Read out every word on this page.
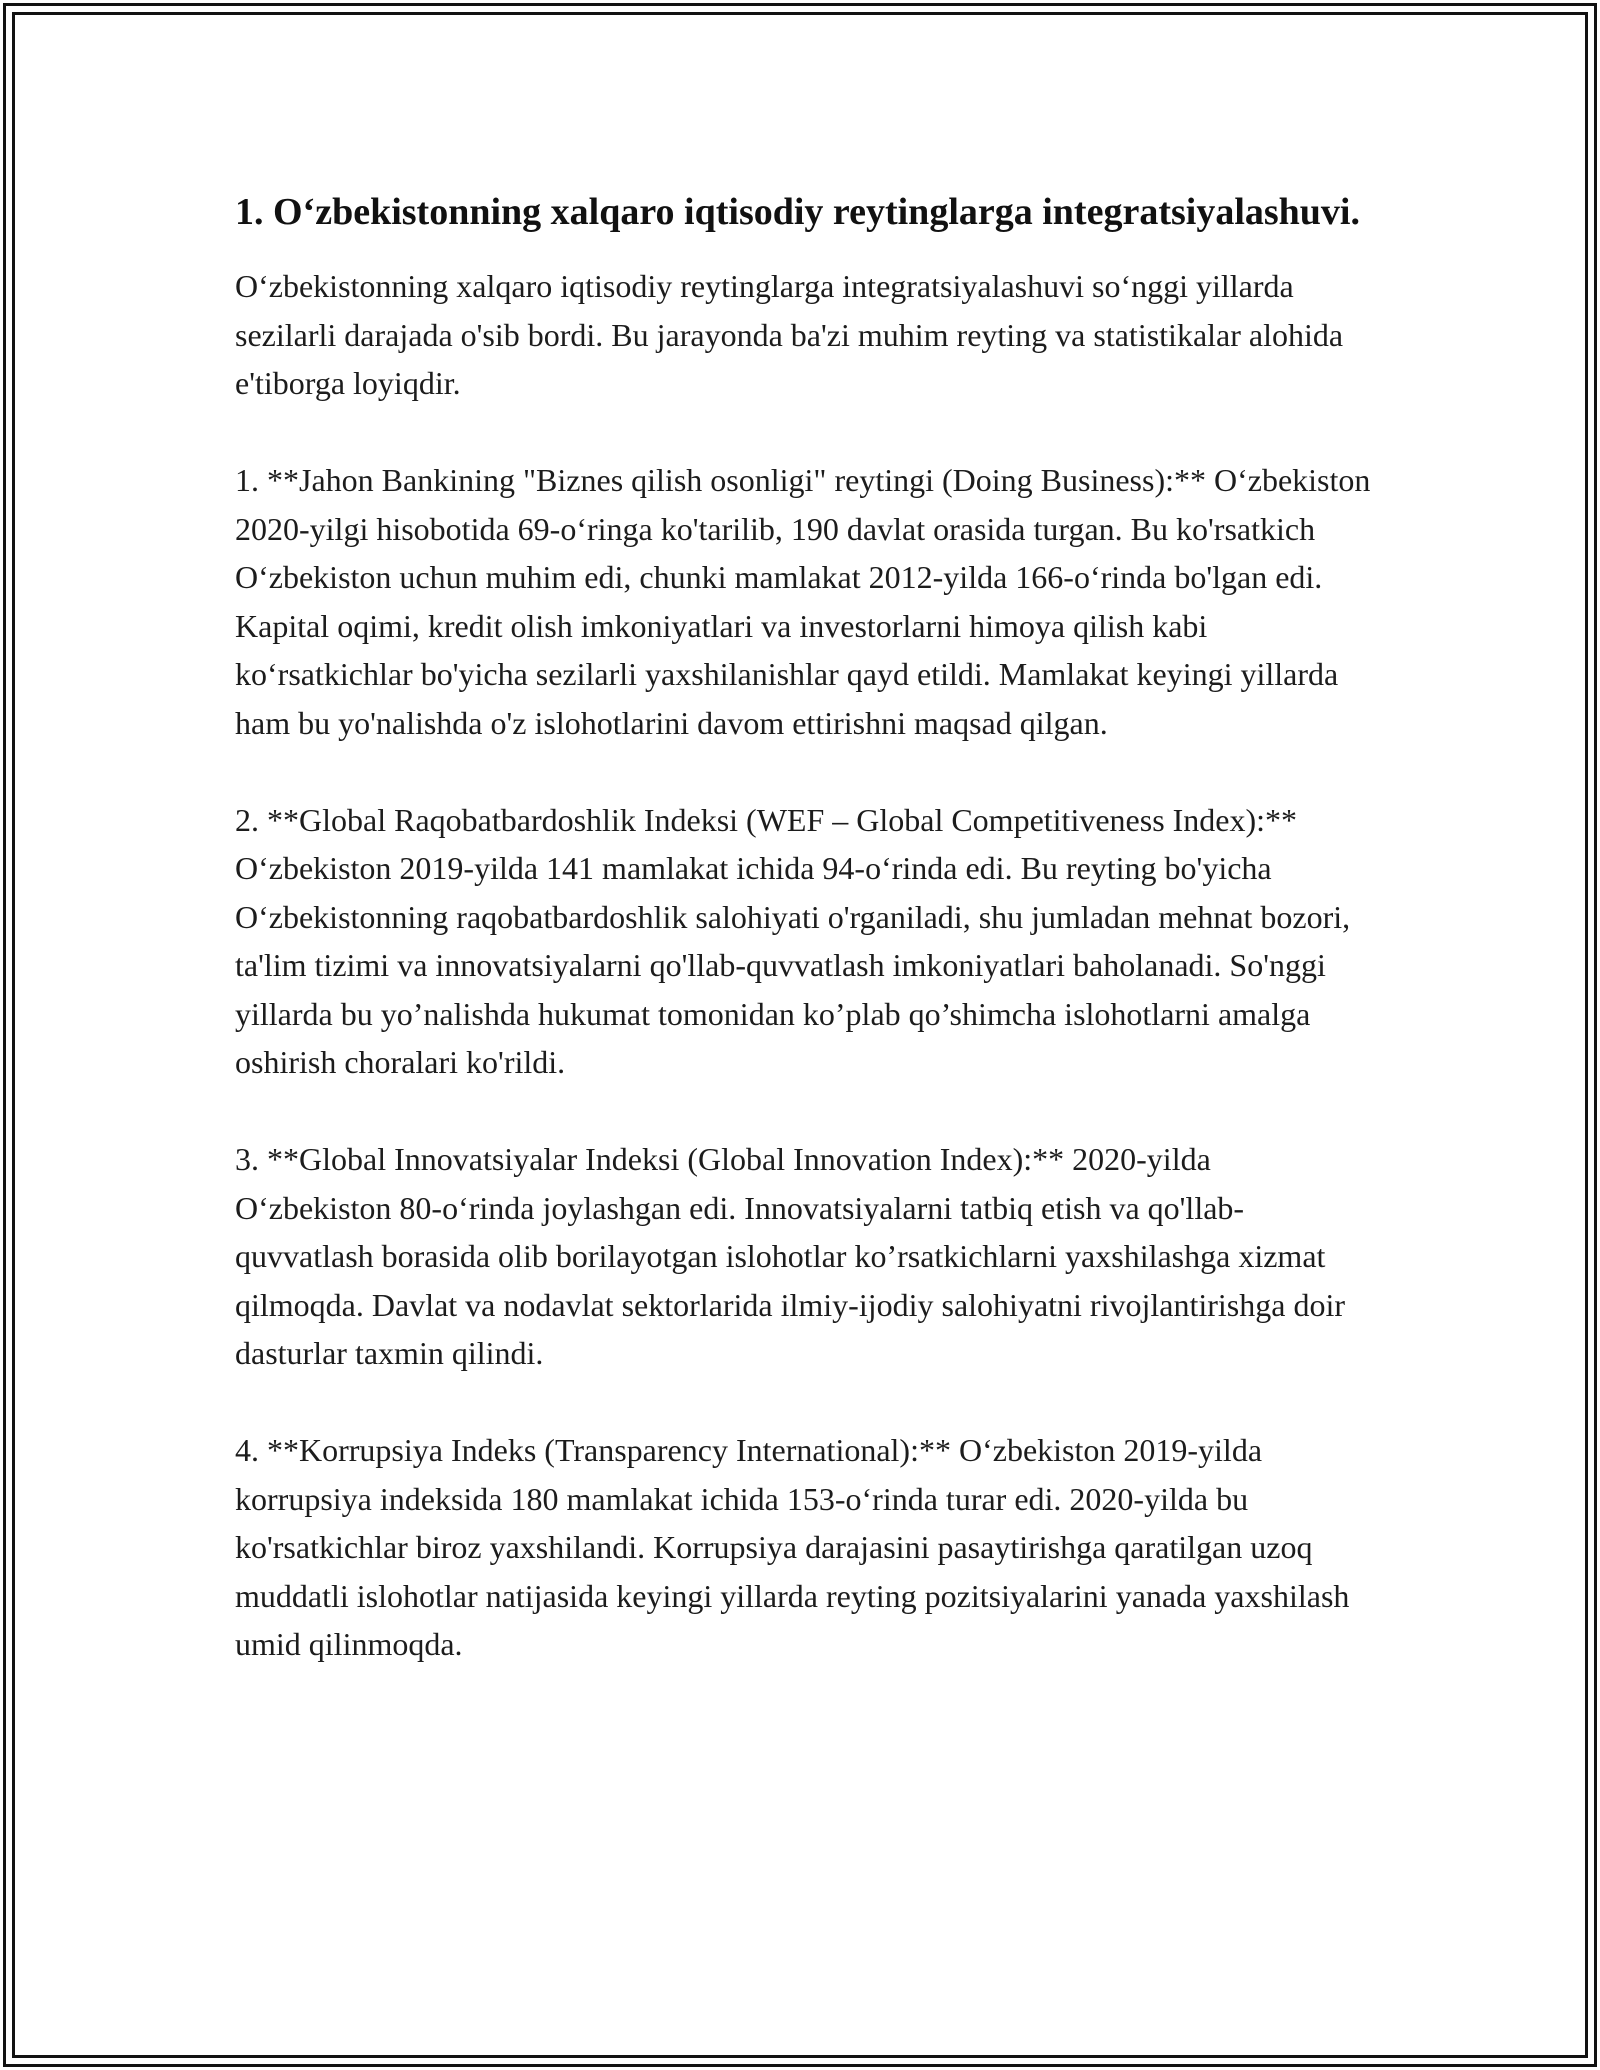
1. O‘zbekistonning xalqaro iqtisodiy reytinglarga integratsiyalashuvi.

O‘zbekistonning xalqaro iqtisodiy reytinglarga integratsiyalashuvi so‘nggi yillarda sezilarli darajada o'sib bordi. Bu jarayonda ba'zi muhim reyting va statistikalar alohida e'tiborga loyiqdir.

1. **Jahon Bankining "Biznes qilish osonligi" reytingi (Doing Business):** O‘zbekiston 2020-yilgi hisobotida 69-o‘ringa ko'tarilib, 190 davlat orasida turgan. Bu ko'rsatkich O‘zbekiston uchun muhim edi, chunki mamlakat 2012-yilda 166-o‘rinda bo'lgan edi. Kapital oqimi, kredit olish imkoniyatlari va investorlarni himoya qilish kabi ko‘rsatkichlar bo'yicha sezilarli yaxshilanishlar qayd etildi. Mamlakat keyingi yillarda ham bu yo'nalishda o'z islohotlarini davom ettirishni maqsad qilgan.

2. **Global Raqobatbardoshlik Indeksi (WEF – Global Competitiveness Index):** O‘zbekiston 2019-yilda 141 mamlakat ichida 94-o‘rinda edi. Bu reyting bo'yicha O‘zbekistonning raqobatbardoshlik salohiyati o'rganiladi, shu jumladan mehnat bozori, ta'lim tizimi va innovatsiyalarni qo'llab-quvvatlash imkoniyatlari baholanadi. So'nggi yillarda bu yo’nalishda hukumat tomonidan ko’plab qo’shimcha islohotlarni amalga oshirish choralari ko'rildi.

3. **Global Innovatsiyalar Indeksi (Global Innovation Index):** 2020-yilda O‘zbekiston 80-o‘rinda joylashgan edi. Innovatsiyalarni tatbiq etish va qo'llab-quvvatlash borasida olib borilayotgan islohotlar ko’rsatkichlarni yaxshilashga xizmat qilmoqda. Davlat va nodavlat sektorlarida ilmiy-ijodiy salohiyatni rivojlantirishga doir dasturlar taxmin qilindi.

4. **Korrupsiya Indeks (Transparency International):** O‘zbekiston 2019-yilda korrupsiya indeksida 180 mamlakat ichida 153-o‘rinda turar edi. 2020-yilda bu ko'rsatkichlar biroz yaxshilandi. Korrupsiya darajasini pasaytirishga qaratilgan uzoq muddatli islohotlar natijasida keyingi yillarda reyting pozitsiyalarini yanada yaxshilash umid qilinmoqda.
